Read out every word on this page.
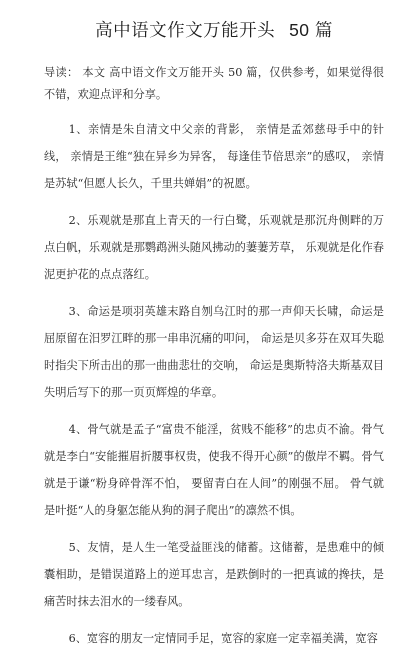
高中语文作文万能开头 50 篇

导读： 本文 高中语文作文万能开头 50 篇，仅供参考，如果觉得很不错，欢迎点评和分享。

1、亲情是朱自清文中父亲的背影， 亲情是孟郊慈母手中的针线， 亲情是王维“独在异乡为异客， 每逢佳节倍思亲”的感叹， 亲情是苏轼“但愿人长久，千里共婵娟”的祝愿。

2、乐观就是那直上青天的一行白鹭，乐观就是那沉舟侧畔的万点白帆，乐观就是那鹦鹉洲头随风拂动的萋萋芳草， 乐观就是化作春泥更护花的点点落红。

3、命运是项羽英雄末路自刎乌江时的那一声仰天长啸，命运是屈原留在汨罗江畔的那一串串沉痛的叩问， 命运是贝多芬在双耳失聪时指尖下所击出的那一曲曲悲壮的交响， 命运是奥斯特洛夫斯基双目失明后写下的那一页页辉煌的华章。

4、骨气就是孟子“富贵不能淫，贫贱不能移”的忠贞不渝。骨气就是李白“安能摧眉折腰事权贵，使我不得开心颜”的傲岸不羁。骨气就是于谦“粉身碎骨浑不怕， 要留青白在人间”的刚强不屈。 骨气就是叶挺“人的身躯怎能从狗的洞子爬出”的凛然不惧。

5、友情，是人生一笔受益匪浅的储蓄。这储蓄，是患难中的倾囊相助，是错误道路上的逆耳忠言，是跌倒时的一把真诚的搀扶，是痛苦时抹去泪水的一缕春风。

6、宽容的朋友一定情同手足，宽容的家庭一定幸福美满，宽容
